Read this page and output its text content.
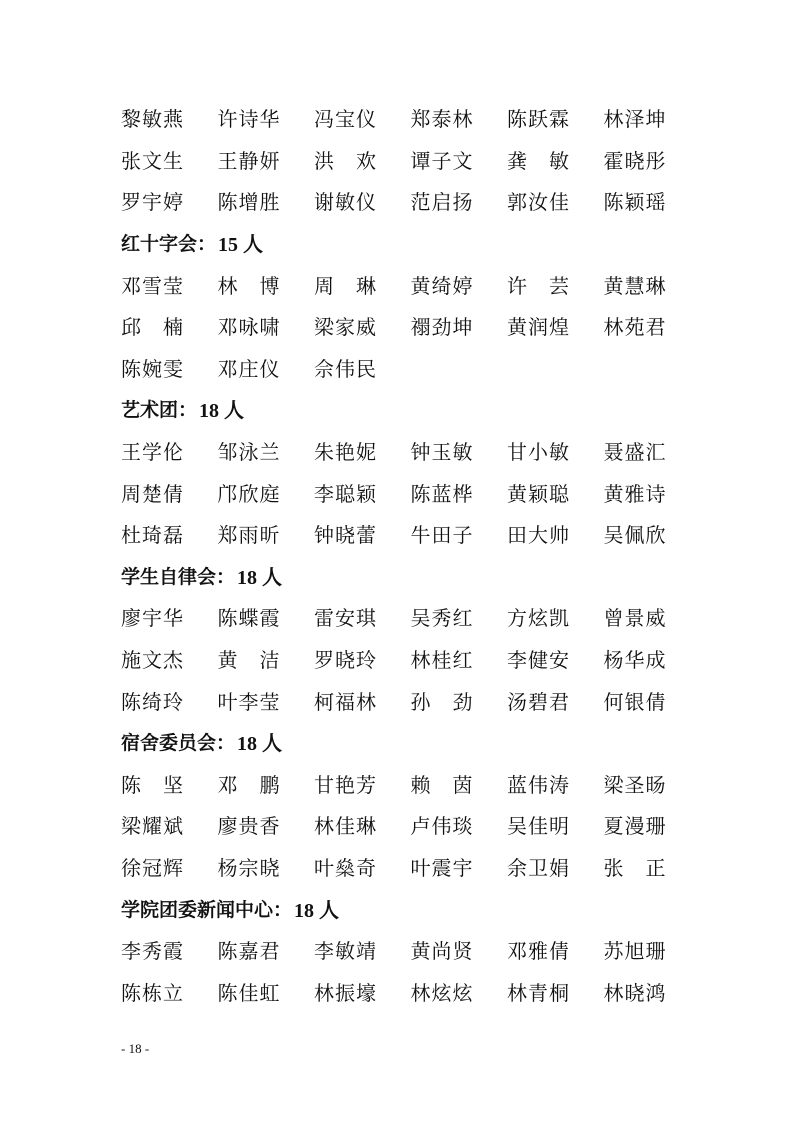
黎敏燕	许诗华	冯宝仪	郑泰林	陈跃霖	林泽坤
张文生	王静妍	洪　欢	谭子文	龚　敏	霍晓彤
罗宇婷	陈增胜	谢敏仪	范启扬	郭汝佳	陈颖瑶
红十字会： 15 人
邓雪莹	林　博	周　琳	黄绮婷	许　芸	黄慧琳
邱　楠	邓咏啸	梁家威	禤劲坤	黄润煌	林苑君
陈婉雯	邓庄仪	佘伟民
艺术团： 18 人
王学伦	邹泳兰	朱艳妮	钟玉敏	甘小敏	聂盛汇
周楚倩	邝欣庭	李聪颖	陈蓝桦	黄颖聪	黄雅诗
杜琦磊	郑雨昕	钟晓蕾	牛田子	田大帅	吴佩欣
学生自律会： 18 人
廖宇华	陈蝶霞	雷安琪	吴秀红	方炫凯	曾景威
施文杰	黄　洁	罗晓玲	林桂红	李健安	杨华成
陈绮玲	叶李莹	柯福林	孙　劲	汤碧君	何银倩
宿舍委员会： 18 人
陈　坚	邓　鹏	甘艳芳	赖　茵	蓝伟涛	梁圣旸
梁耀斌	廖贵香	林佳琳	卢伟琰	吴佳明	夏漫珊
徐冠辉	杨宗晓	叶燊奇	叶震宇	余卫娟	张　正
学院团委新闻中心： 18 人
李秀霞	陈嘉君	李敏靖	黄尚贤	邓雅倩	苏旭珊
陈栋立	陈佳虹	林振壕	林炫炫	林青桐	林晓鸿
- 18 -
